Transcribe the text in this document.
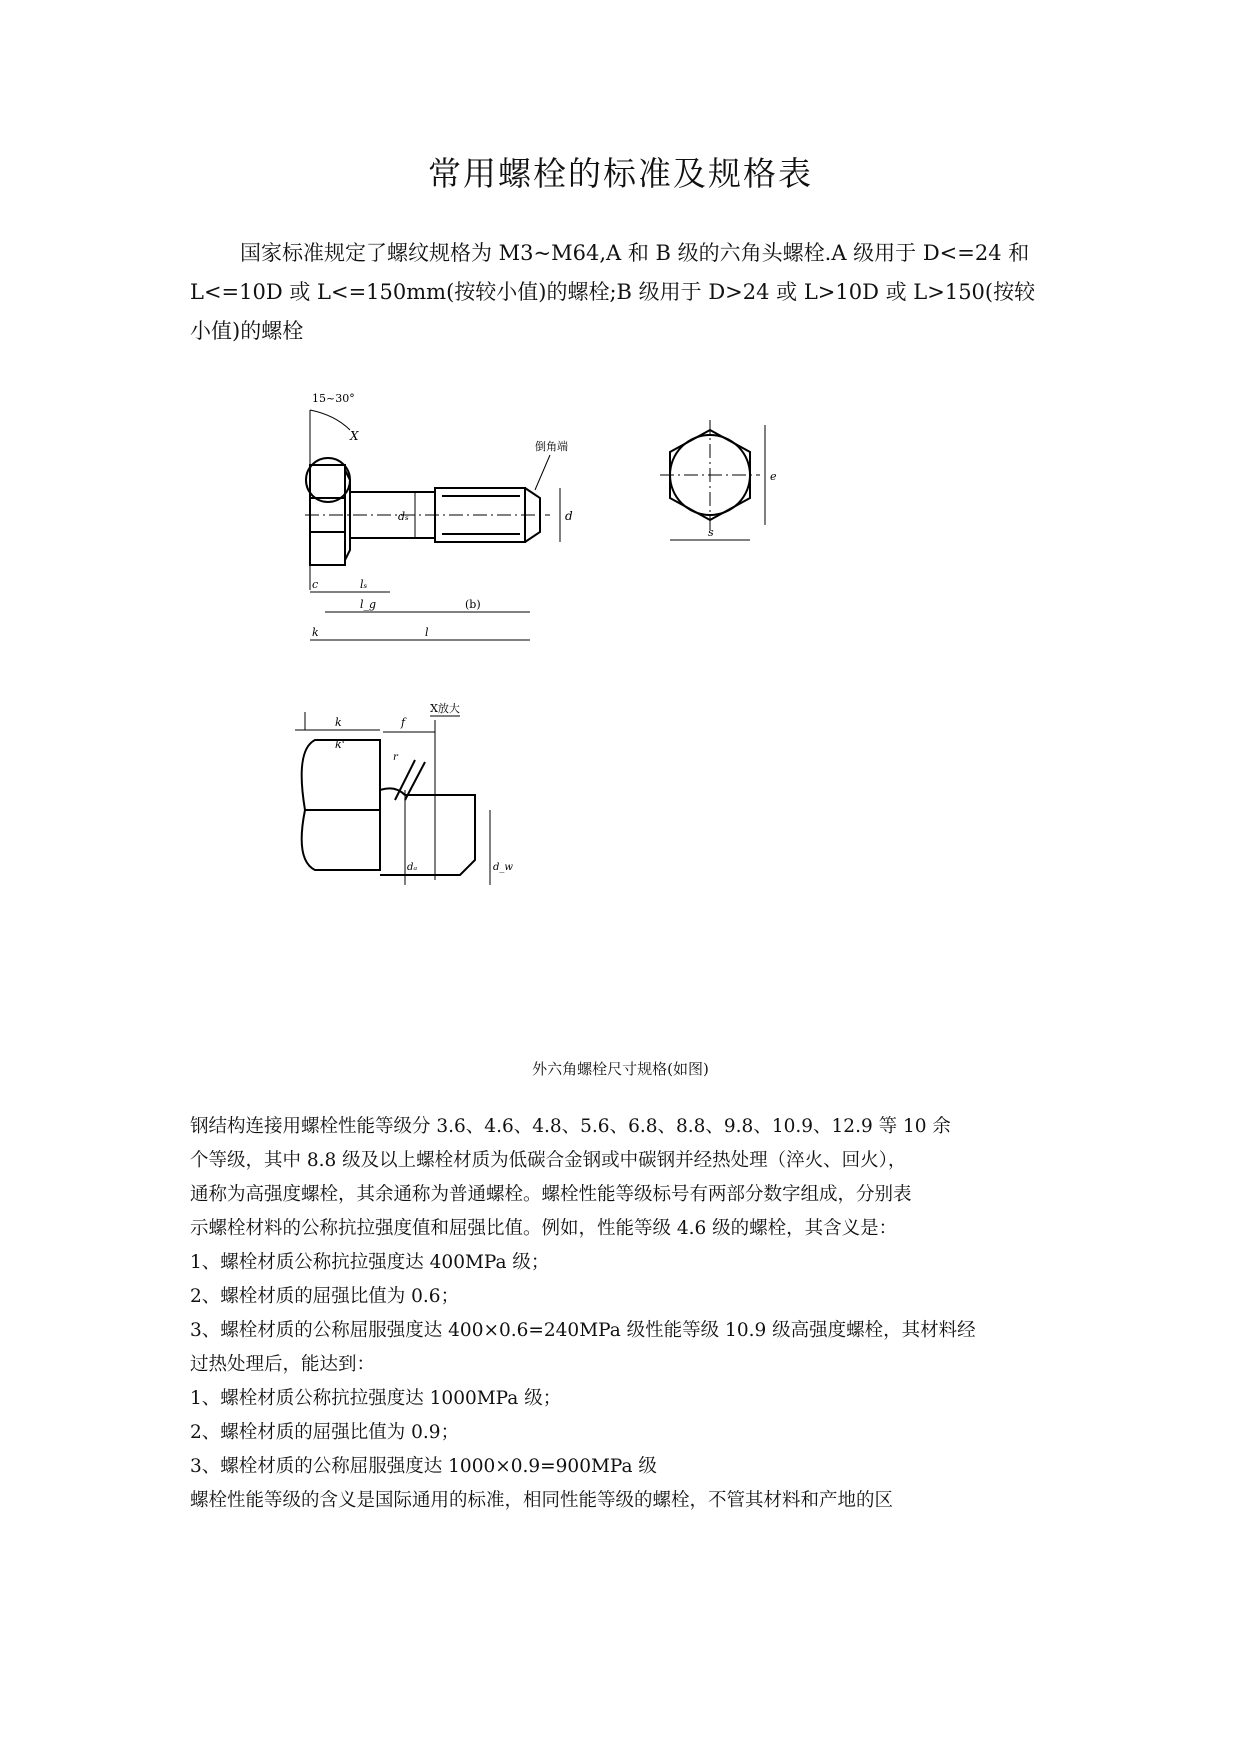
常用螺栓的标准及规格表
国家标准规定了螺纹规格为 M3~M64,A 和 B 级的六角头螺栓.A 级用于 D<=24 和 L<=10D 或 L<=150mm(按较小值)的螺栓;B 级用于 D>24 或 L>10D 或 L>150(按较小值)的螺栓
15~30°
倒角端
X
dₛ	d
c	lₛ
l_g	(b)
k	l
e
s
X放大
k
k'
f
r
dₐ	d_w
外六角螺栓尺寸规格(如图)

钢结构连接用螺栓性能等级分 3.6、4.6、4.8、5.6、6.8、8.8、9.8、10.9、12.9 等 10 余

个等级，其中 8.8 级及以上螺栓材质为低碳合金钢或中碳钢并经热处理（淬火、回火），

通称为高强度螺栓，其余通称为普通螺栓。螺栓性能等级标号有两部分数字组成，分别表

示螺栓材料的公称抗拉强度值和屈强比值。例如，性能等级 4.6 级的螺栓，其含义是：

1、螺栓材质公称抗拉强度达 400MPa 级；

2、螺栓材质的屈强比值为 0.6；

3、螺栓材质的公称屈服强度达 400×0.6=240MPa 级性能等级 10.9 级高强度螺栓，其材料经

过热处理后，能达到：

1、螺栓材质公称抗拉强度达 1000MPa 级；

2、螺栓材质的屈强比值为 0.9；

3、螺栓材质的公称屈服强度达 1000×0.9=900MPa 级

螺栓性能等级的含义是国际通用的标准，相同性能等级的螺栓，不管其材料和产地的区
